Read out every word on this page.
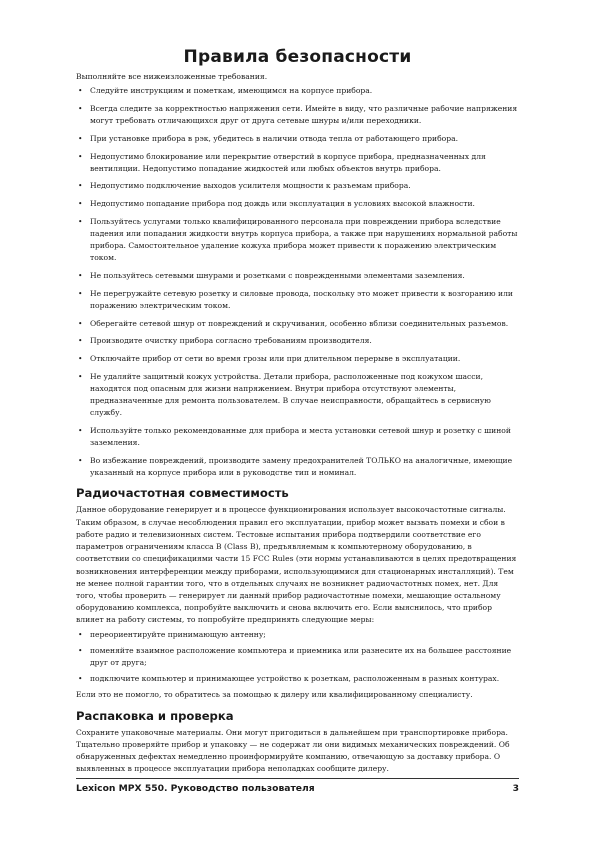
Правила безопасности

Выполняйте все нижеизложенные требования.

• Следуйте инструкциям и пометкам, имеющимся на корпусе прибора.
• Всегда следите за корректностью напряжения сети. Имейте в виду, что различные рабочие напряжения могут требовать отличающихся друг от друга сетевые шнуры и/или переходники.
• При установке прибора в рэк, убедитесь в наличии отвода тепла от работающего прибора.
• Недопустимо блокирование или перекрытие отверстий в корпусе прибора, предназначенных для вентиляции. Недопустимо попадание жидкостей или любых объектов внутрь прибора.
• Недопустимо подключение выходов усилителя мощности к разъемам прибора.
• Недопустимо попадание прибора под дождь или эксплуатация в условиях высокой влажности.
• Пользуйтесь услугами только квалифицированного персонала при повреждении прибора вследствие падения или попадания жидкости внутрь корпуса прибора, а также при нарушениях нормальной работы прибора. Самостоятельное удаление кожуха прибора может привести к поражению электрическим током.
• Не пользуйтесь сетевыми шнурами и розетками с поврежденными элементами заземления.
• Не перегружайте сетевую розетку и силовые провода, поскольку это может привести к возгоранию или поражению электрическим током.
• Оберегайте сетевой шнур от повреждений и скручивания, особенно вблизи соединительных разъемов.
• Производите очистку прибора согласно требованиям производителя.
• Отключайте прибор от сети во время грозы или при длительном перерыве в эксплуатации.
• Не удаляйте защитный кожух устройства. Детали прибора, расположенные под кожухом шасси, находятся под опасным для жизни напряжением. Внутри прибора отсутствуют элементы, предназначенные для ремонта пользователем. В случае неисправности, обращайтесь в сервисную службу.
• Используйте только рекомендованные для прибора и места установки сетевой шнур и розетку с шиной заземления.
• Во избежание повреждений, производите замену предохранителей ТОЛЬКО на аналогичные, имеющие указанный на корпусе прибора или в руководстве тип и номинал.
Радиочастотная совместимость

Данное оборудование генерирует и в процессе функционирования использует высокочастотные сигналы. Таким образом, в случае несоблюдения правил его эксплуатации, прибор может вызвать помехи и сбои в работе радио и телевизионных систем. Тестовые испытания прибора подтвердили соответствие его параметров ограничениям класса B (Class B), предъявляемым к компьютерному оборудованию, в соответствии со спецификациями части 15 FCC Rules (эти нормы устанавливаются в целях предотвращения возникновения интерференции между приборами, использующимися для стационарных инсталляций). Тем не менее полной гарантии того, что в отдельных случаях не возникнет радиочастотных помех, нет. Для того, чтобы проверить — генерирует ли данный прибор радиочастотные помехи, мешающие остальному оборудованию комплекса, попробуйте выключить и снова включить его. Если выяснилось, что прибор влияет на работу системы, то попробуйте предпринять следующие меры:

• переориентируйте принимающую антенну;
• поменяйте взаимное расположение компьютера и приемника или разнесите их на большее расстояние друг от друга;
• подключите компьютер и принимающее устройство к розеткам, расположенным в разных контурах.

Если это не помогло, то обратитесь за помощью к дилеру или квалифицированному специалисту.

Распаковка и проверка

Сохраните упаковочные материалы. Они могут пригодиться в дальнейшем при транспортировке прибора. Тщательно проверяйте прибор и упаковку — не содержат ли они видимых механических повреждений. Об обнаруженных дефектах немедленно проинформируйте компанию, отвечающую за доставку прибора. О выявленных в процессе эксплуатации прибора неполадках сообщите дилеру.

Lexicon MPX 550. Руководство пользователя	3
